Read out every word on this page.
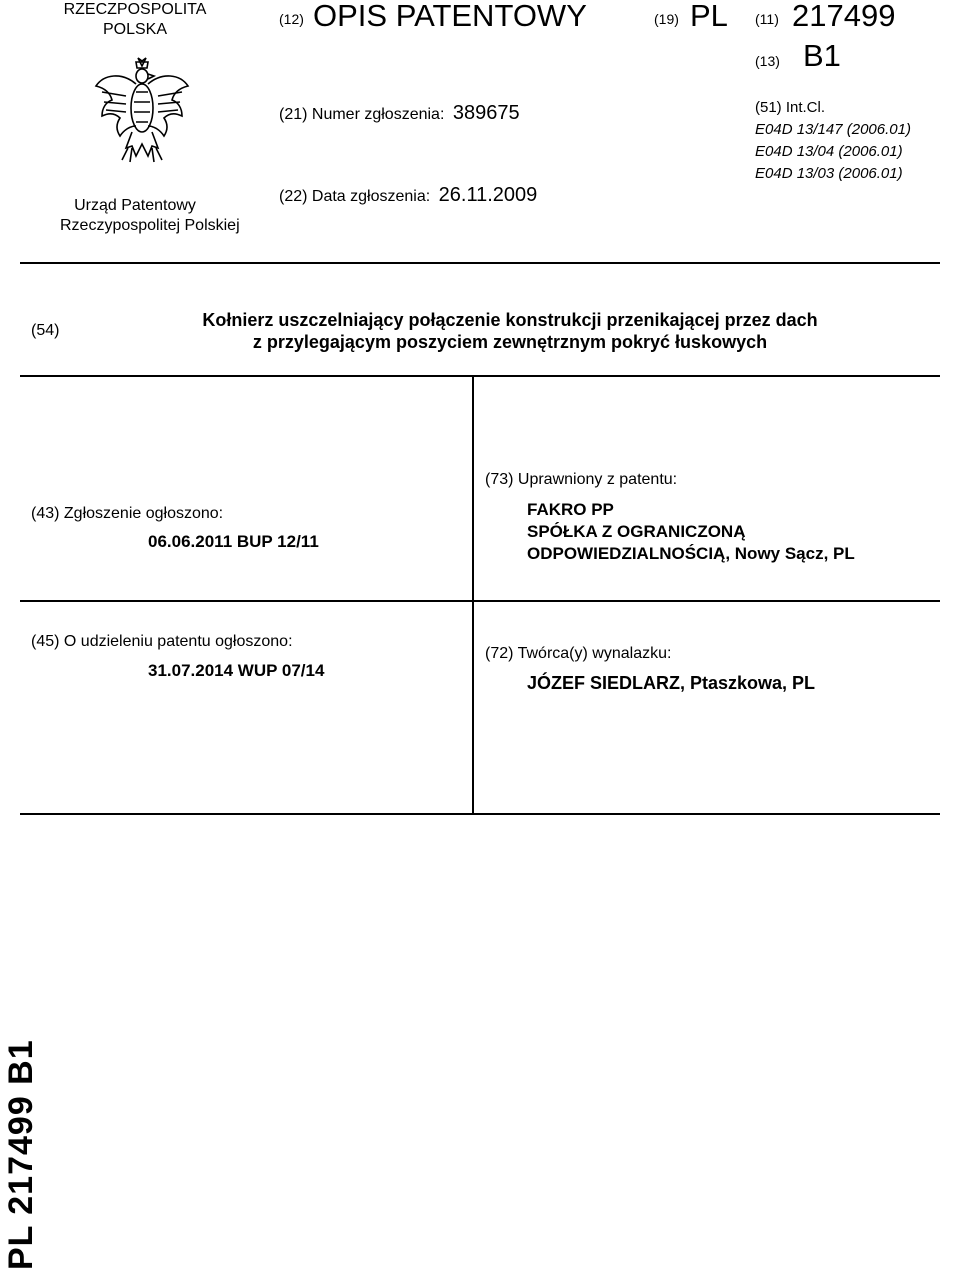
RZECZPOSPOLITA
POLSKA
Urząd Patentowy
Rzeczypospolitej Polskiej
(12) OPIS PATENTOWY	(19) PL (11) 217499
(13) B1
(21) Numer zgłoszenia: 389675
(22) Data zgłoszenia: 26.11.2009
(51) Int.Cl.
E04D 13/147 (2006.01)
E04D 13/04 (2006.01)
E04D 13/03 (2006.01)
(54)
Kołnierz uszczelniający połączenie konstrukcji przenikającej przez dach
z przylegającym poszyciem zewnętrznym pokryć łuskowych
(43) Zgłoszenie ogłoszono:
06.06.2011 BUP 12/11
(73) Uprawniony z patentu:
FAKRO PP
SPÓŁKA Z OGRANICZONĄ
ODPOWIEDZIALNOŚCIĄ, Nowy Sącz, PL
(45) O udzieleniu patentu ogłoszono:
31.07.2014 WUP 07/14
(72) Twórca(y) wynalazku:
JÓZEF SIEDLARZ, Ptaszkowa, PL
PL 217499 B1
